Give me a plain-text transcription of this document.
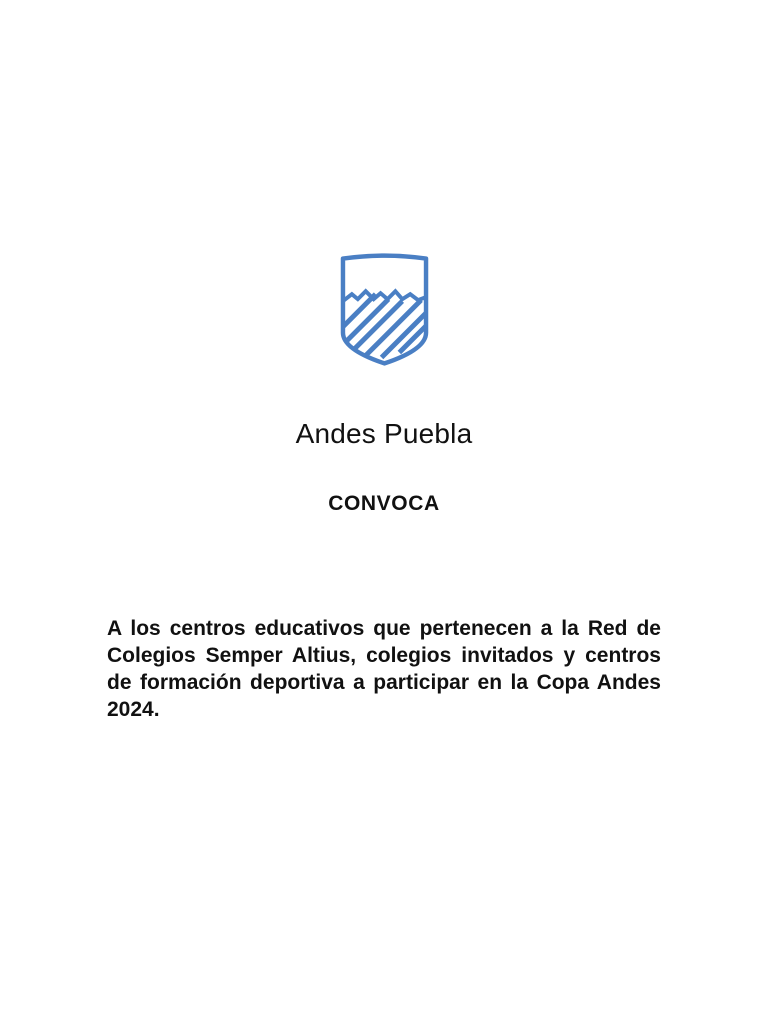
Andes Puebla
CONVOCA

A los centros educativos que pertenecen a la Red de Colegios Semper Altius, colegios invitados y centros de formación deportiva a participar en la Copa Andes 2024.
